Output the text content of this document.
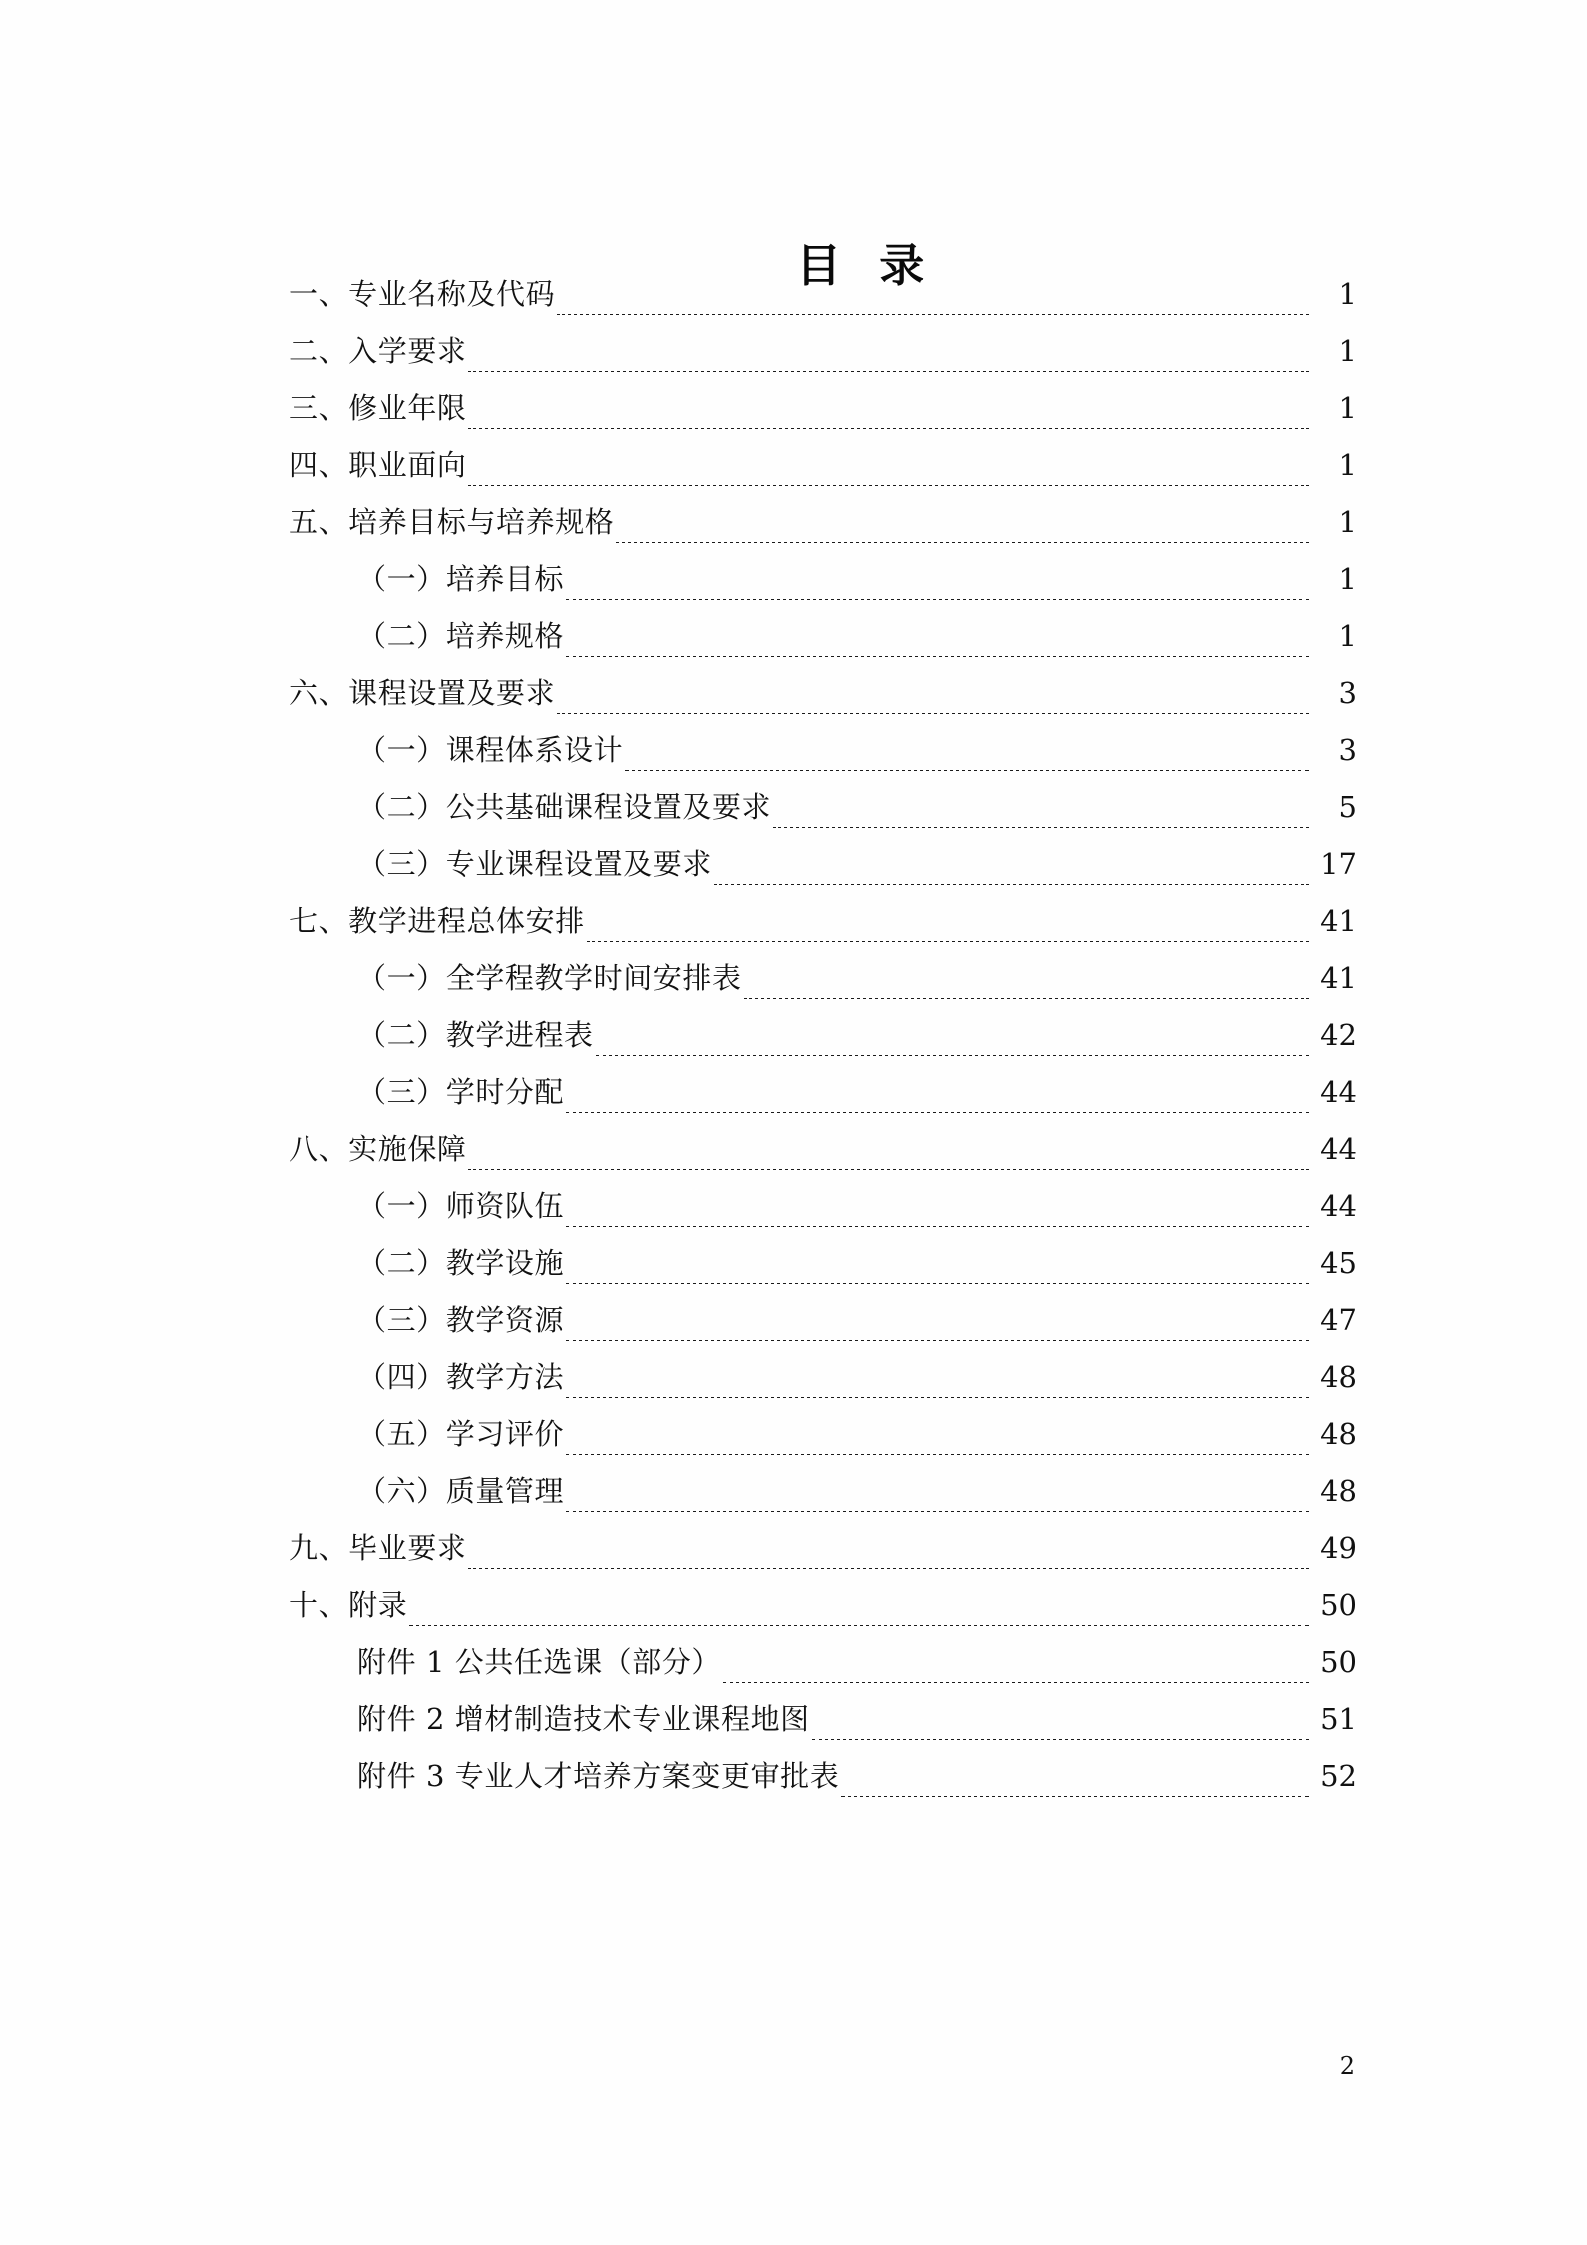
目  录

一、专业名称及代码	1
二、入学要求	1
三、修业年限	1
四、职业面向	1
五、培养目标与培养规格	1
（一）培养目标	1
（二）培养规格	1
六、课程设置及要求	3
（一）课程体系设计	3
（二）公共基础课程设置及要求	5
（三）专业课程设置及要求	17
七、教学进程总体安排	41
（一）全学程教学时间安排表	41
（二）教学进程表	42
（三）学时分配	44
八、实施保障	44
（一）师资队伍	44
（二）教学设施	45
（三）教学资源	47
（四）教学方法	48
（五）学习评价	48
（六）质量管理	48
九、毕业要求	49
十、附录	50
附件 1 公共任选课（部分）	50
附件 2 增材制造技术专业课程地图	51
附件 3 专业人才培养方案变更审批表	52
2
